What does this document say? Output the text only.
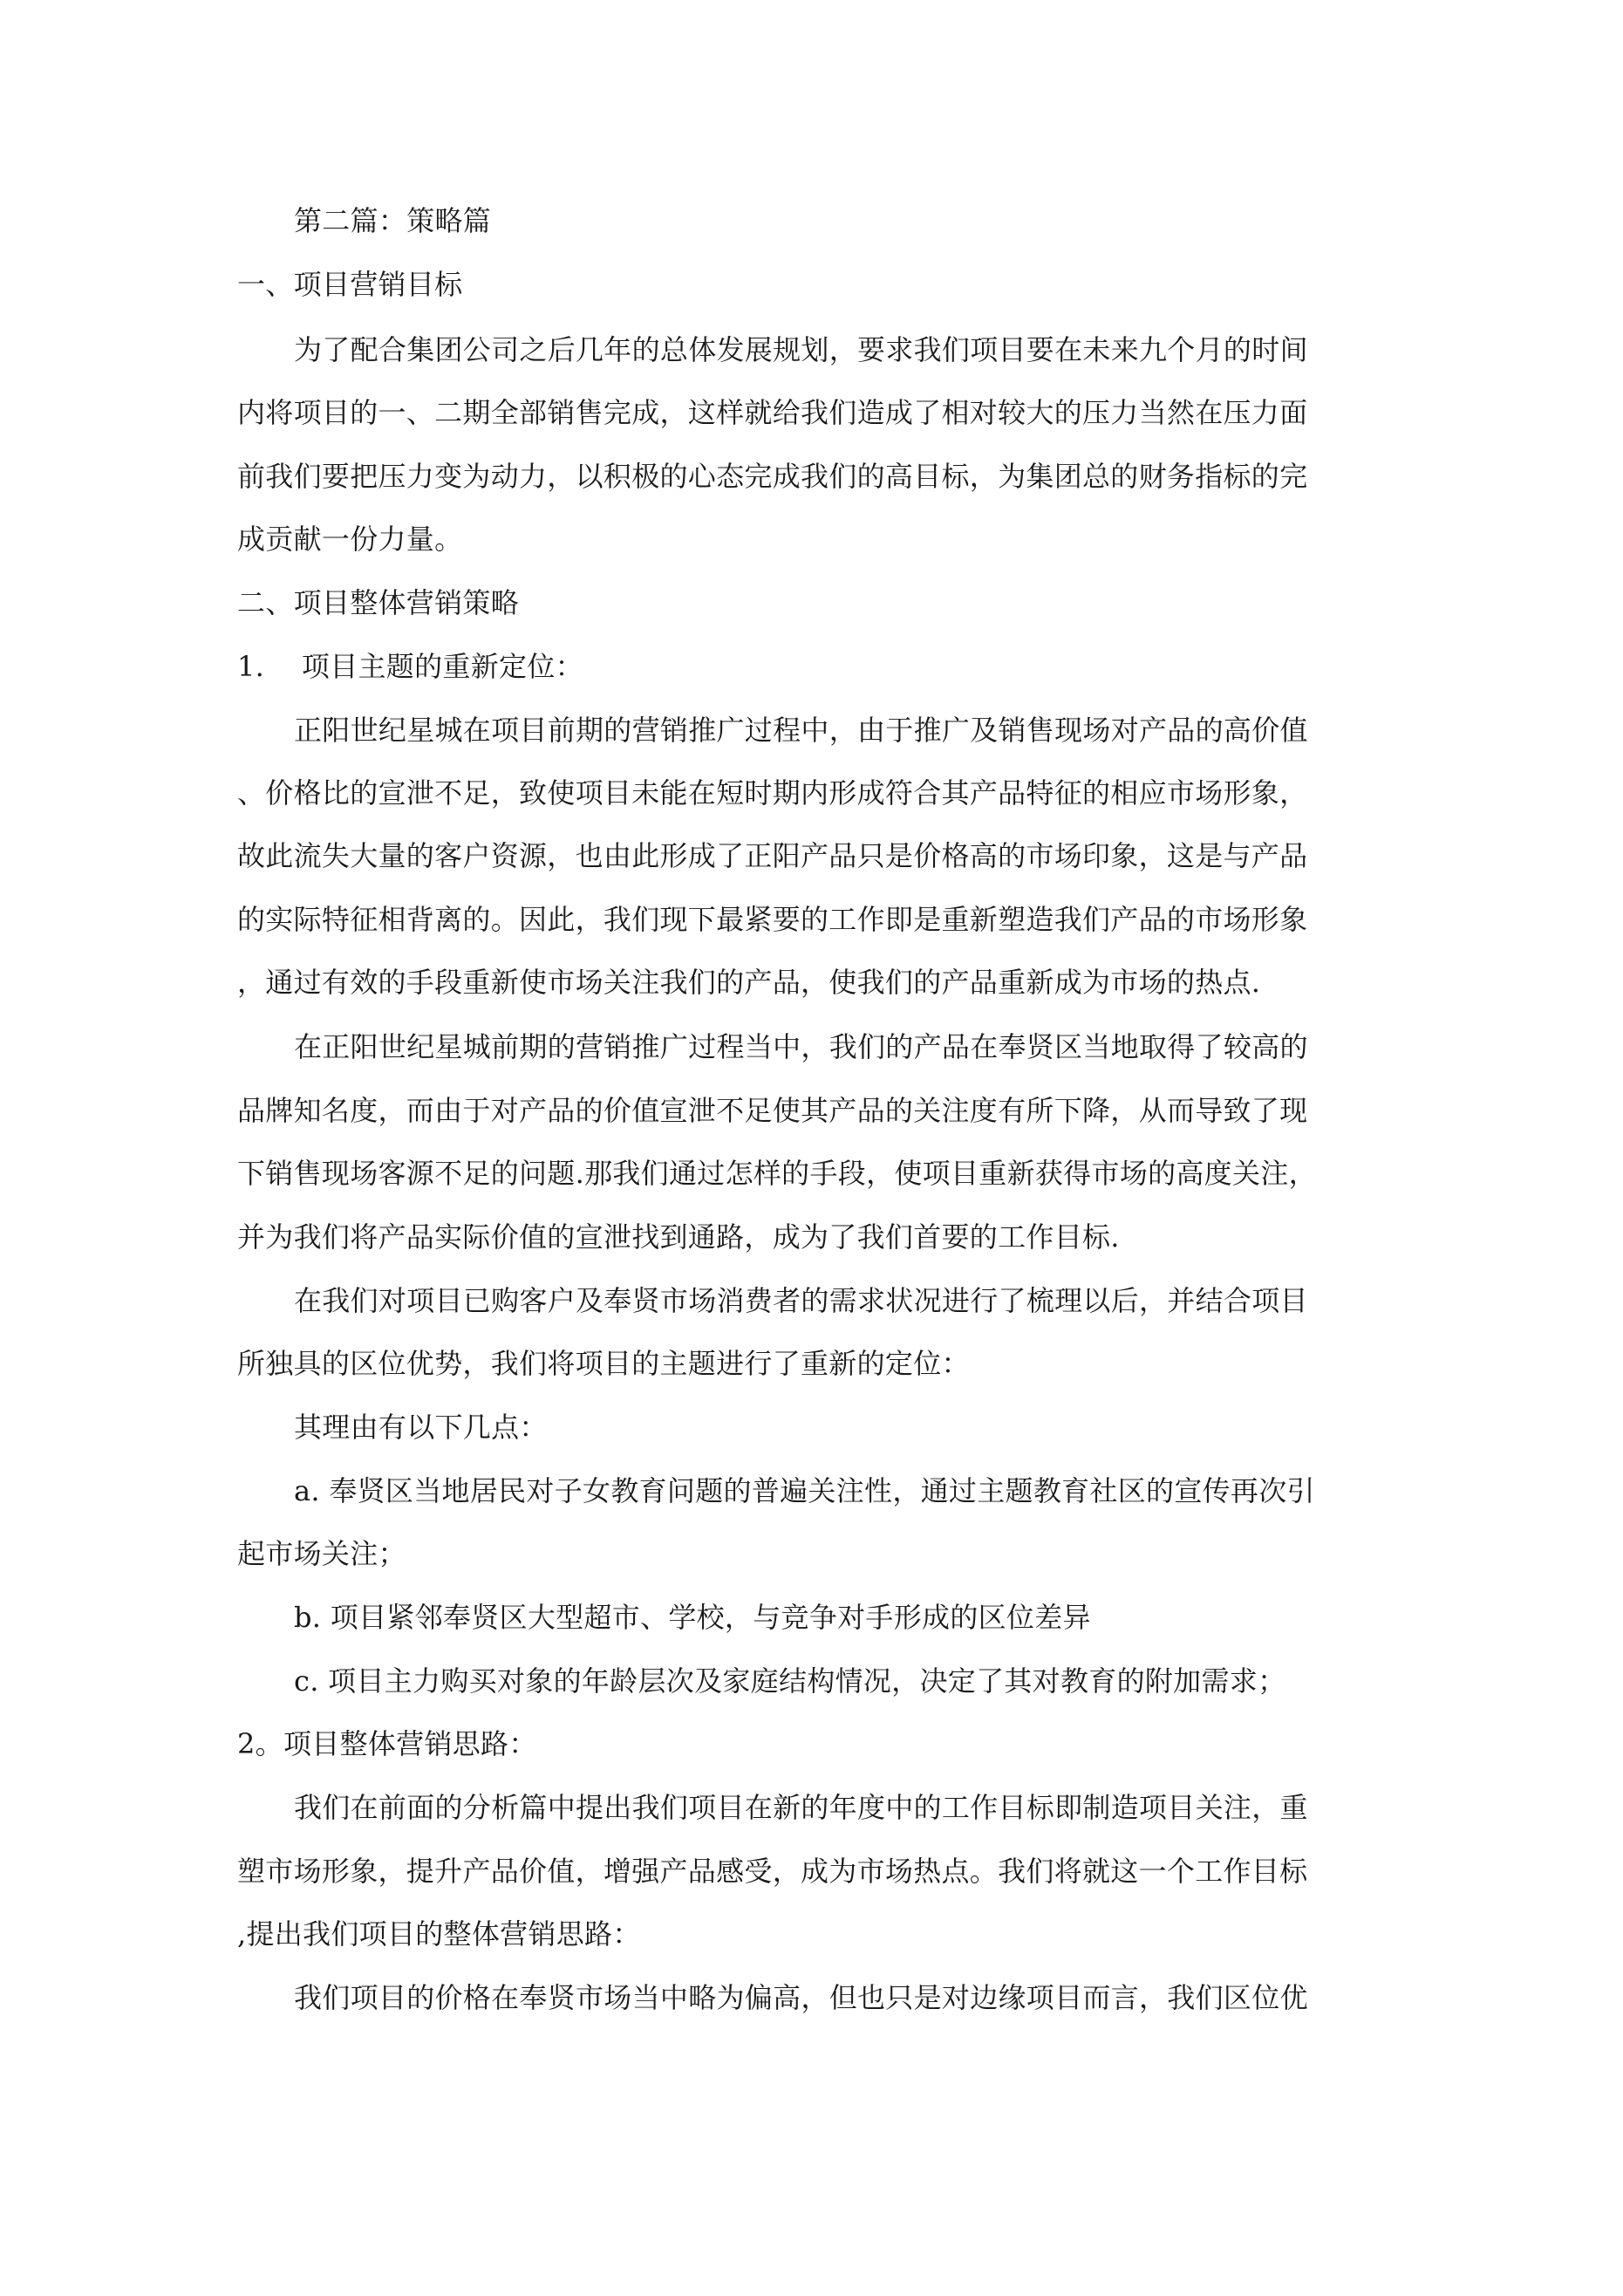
第二篇：策略篇
一、项目营销目标
为了配合集团公司之后几年的总体发展规划，要求我们项目要在未来九个月的时间
内将项目的一、二期全部销售完成，这样就给我们造成了相对较大的压力当然在压力面
前我们要把压力变为动力，以积极的心态完成我们的高目标，为集团总的财务指标的完
成贡献一份力量。
二、项目整体营销策略
1.　 项目主题的重新定位：
正阳世纪星城在项目前期的营销推广过程中，由于推广及销售现场对产品的高价值
、价格比的宣泄不足，致使项目未能在短时期内形成符合其产品特征的相应市场形象，
故此流失大量的客户资源，也由此形成了正阳产品只是价格高的市场印象，这是与产品
的实际特征相背离的。因此，我们现下最紧要的工作即是重新塑造我们产品的市场形象
，通过有效的手段重新使市场关注我们的产品，使我们的产品重新成为市场的热点.
在正阳世纪星城前期的营销推广过程当中，我们的产品在奉贤区当地取得了较高的
品牌知名度，而由于对产品的价值宣泄不足使其产品的关注度有所下降，从而导致了现
下销售现场客源不足的问题.那我们通过怎样的手段，使项目重新获得市场的高度关注，
并为我们将产品实际价值的宣泄找到通路，成为了我们首要的工作目标.
在我们对项目已购客户及奉贤市场消费者的需求状况进行了梳理以后，并结合项目
所独具的区位优势，我们将项目的主题进行了重新的定位：
其理由有以下几点：
a. 奉贤区当地居民对子女教育问题的普遍关注性，通过主题教育社区的宣传再次引
起市场关注；
b. 项目紧邻奉贤区大型超市、学校，与竞争对手形成的区位差异
c. 项目主力购买对象的年龄层次及家庭结构情况，决定了其对教育的附加需求；
2。项目整体营销思路：
我们在前面的分析篇中提出我们项目在新的年度中的工作目标即制造项目关注，重
塑市场形象，提升产品价值，增强产品感受，成为市场热点。我们将就这一个工作目标
,提出我们项目的整体营销思路：
我们项目的价格在奉贤市场当中略为偏高，但也只是对边缘项目而言，我们区位优
